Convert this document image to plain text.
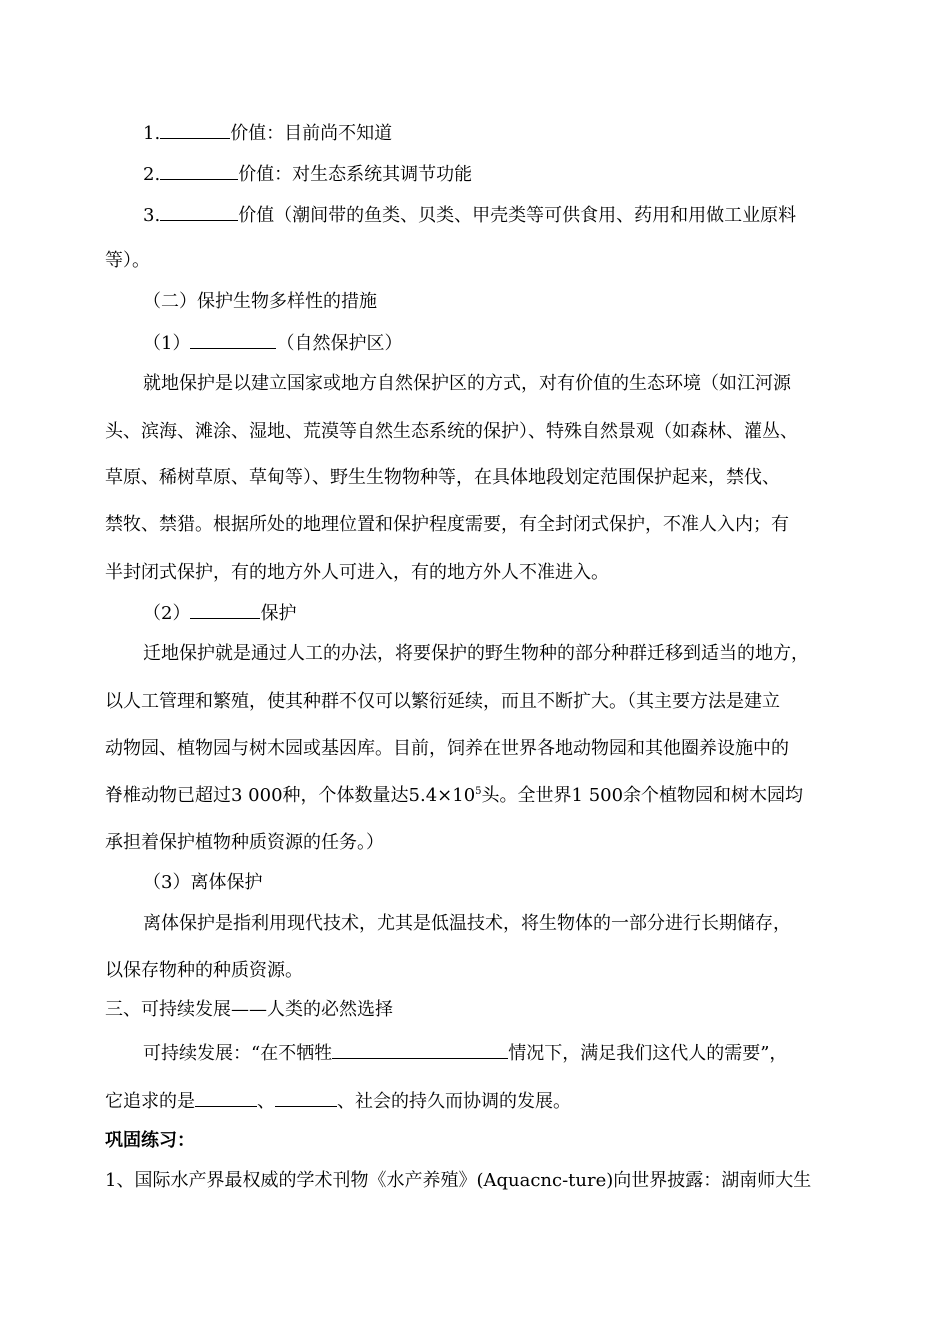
1.	价值：目前尚不知道
2.	价值：对生态系统其调节功能
3.	价值（潮间带的鱼类、贝类、甲壳类等可供食用、药用和用做工业原料
等）。
（二）保护生物多样性的措施
（1）	（自然保护区）
就地保护是以建立国家或地方自然保护区的方式，对有价值的生态环境（如江河源
头、滨海、滩涂、湿地、荒漠等自然生态系统的保护）、特殊自然景观（如森林、灌丛、
草原、稀树草原、草甸等）、野生生物物种等，在具体地段划定范围保护起来，禁伐、
禁牧、禁猎。根据所处的地理位置和保护程度需要，有全封闭式保护，不准人入内；有
半封闭式保护，有的地方外人可进入，有的地方外人不准进入。
（2）	保护
迁地保护就是通过人工的办法，将要保护的野生物种的部分种群迁移到适当的地方，
以人工管理和繁殖，使其种群不仅可以繁衍延续，而且不断扩大。（其主要方法是建立
动物园、植物园与树木园或基因库。目前，饲养在世界各地动物园和其他圈养设施中的
脊椎动物已超过3 000种，个体数量达$5.4\times 10^5$头。全世界1 500余个植物园和树木园均
承担着保护植物种质资源的任务。）
（3）离体保护
离体保护是指利用现代技术，尤其是低温技术，将生物体的一部分进行长期储存，
以保存物种的种质资源。
三、可持续发展——人类的必然选择
可持续发展：“在不牺牲	情况下，满足我们这代人的需要”，
它追求的是	、	、社会的持久而协调的发展。
巩固练习：
1、国际水产界最权威的学术刊物《水产养殖》(Aquacnc-ture)向世界披露：湖南师大生
